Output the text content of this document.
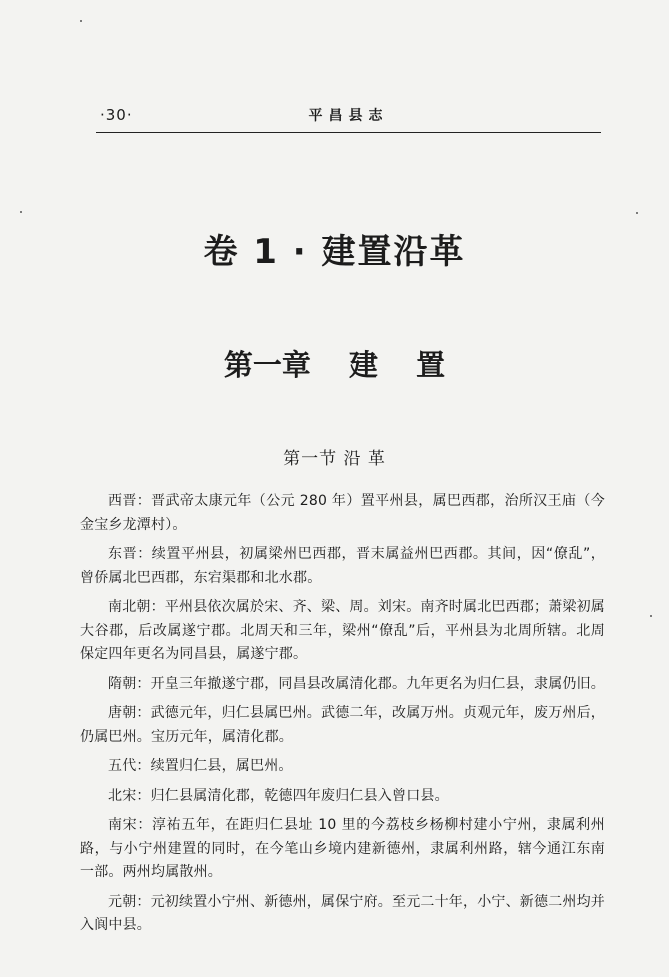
·30·	平昌县志
卷 1 · 建置沿革
第一章 建 置
第一节 沿 革

西晋：晋武帝太康元年（公元 280 年）置平州县，属巴西郡，治所汉王庙（今金宝乡龙潭村）。

东晋：续置平州县，初属梁州巴西郡，晋末属益州巴西郡。其间，因“僚乱”，曾侨属北巴西郡，东宕渠郡和北水郡。

南北朝：平州县依次属於宋、齐、梁、周。刘宋。南齐时属北巴西郡；萧梁初属大谷郡，后改属遂宁郡。北周天和三年，梁州“僚乱”后，平州县为北周所辖。北周保定四年更名为同昌县，属遂宁郡。

隋朝：开皇三年撤遂宁郡，同昌县改属清化郡。九年更名为归仁县，隶属仍旧。

唐朝：武德元年，归仁县属巴州。武德二年，改属万州。贞观元年，废万州后，仍属巴州。宝历元年，属清化郡。

五代：续置归仁县，属巴州。

北宋：归仁县属清化郡，乾德四年废归仁县入曾口县。

南宋：淳祐五年，在距归仁县址 10 里的今荔枝乡杨柳村建小宁州，隶属利州路，与小宁州建置的同时，在今笔山乡境内建新德州，隶属利州路，辖今通江东南一部。两州均属散州。

元朝：元初续置小宁州、新德州，属保宁府。至元二十年，小宁、新德二州均并入阆中县。
